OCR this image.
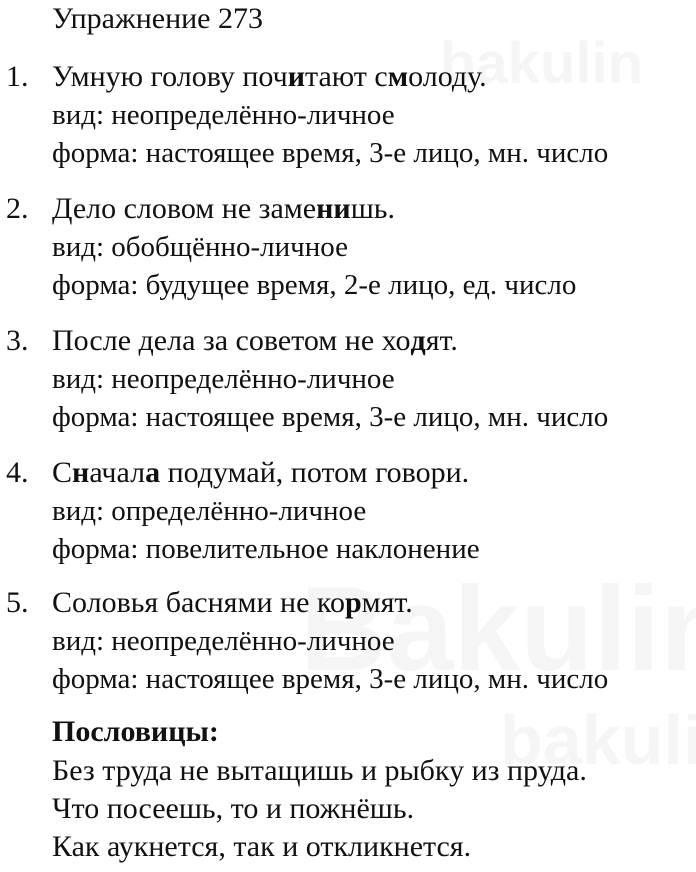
Упражнение 273
1. Умную голову почитают смолоду.
вид: неопределённо-личное
форма: настоящее время, 3-е лицо, мн. число
2. Дело словом не заменишь.
вид: обобщённо-личное
форма: будущее время, 2-е лицо, ед. число
3. После дела за советом не ходят.
вид: неопределённо-личное
форма: настоящее время, 3-е лицо, мн. число
4. Сначала подумай, потом говори.
вид: определённо-личное
форма: повелительное наклонение
5. Соловья баснями не кормят.
вид: неопределённо-личное
форма: настоящее время, 3-е лицо, мн. число
Пословицы:
Без труда не вытащишь и рыбку из пруда.
Что посеешь, то и пожнёшь.
Как аукнется, так и откликнется.
